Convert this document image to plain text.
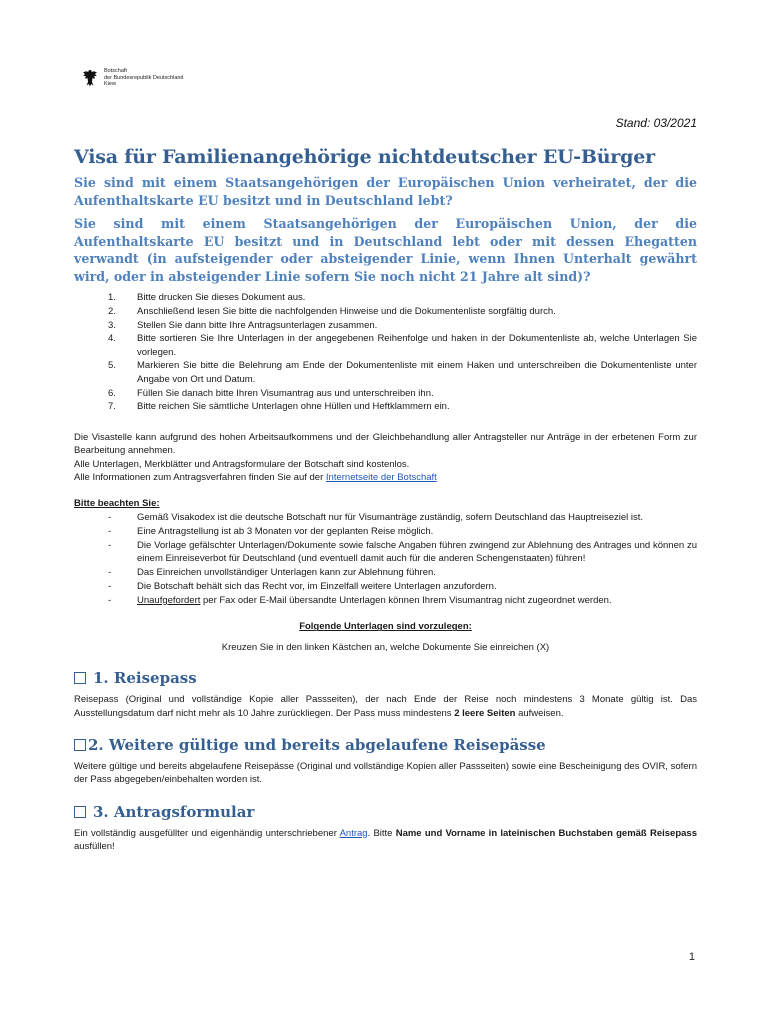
Botschaft
der Bundesrepublik Deutschland
Kiew
Stand: 03/2021
Visa für Familienangehörige nichtdeutscher EU-Bürger

Sie sind mit einem Staatsangehörigen der Europäischen Union verheiratet, der die Aufenthaltskarte EU besitzt und in Deutschland lebt?

Sie sind mit einem Staatsangehörigen der Europäischen Union, der die Aufenthaltskarte EU besitzt und in Deutschland lebt oder mit dessen Ehegatten verwandt (in aufsteigender oder absteigender Linie, wenn Ihnen Unterhalt gewährt wird, oder in absteigender Linie sofern Sie noch nicht 21 Jahre alt sind)?

1.	Bitte drucken Sie dieses Dokument aus.
2.	Anschließend lesen Sie bitte die nachfolgenden Hinweise und die Dokumentenliste sorgfältig durch.
3.	Stellen Sie dann bitte Ihre Antragsunterlagen zusammen.
4.	Bitte sortieren Sie Ihre Unterlagen in der angegebenen Reihenfolge und haken in der Dokumentenliste ab, welche Unterlagen Sie vorlegen.
5.	Markieren Sie bitte die Belehrung am Ende der Dokumentenliste mit einem Haken und unterschreiben die Dokumentenliste unter Angabe von Ort und Datum.
6.	Füllen Sie danach bitte Ihren Visumantrag aus und unterschreiben ihn.
7.	Bitte reichen Sie sämtliche Unterlagen ohne Hüllen und Heftklammern ein.

Die Visastelle kann aufgrund des hohen Arbeitsaufkommens und der Gleichbehandlung aller Antragsteller nur Anträge in der erbetenen Form zur Bearbeitung annehmen.

Alle Unterlagen, Merkblätter und Antragsformulare der Botschaft sind kostenlos.

Alle Informationen zum Antragsverfahren finden Sie auf der Internetseite der Botschaft

Bitte beachten Sie:

-	Gemäß Visakodex ist die deutsche Botschaft nur für Visumanträge zuständig, sofern Deutschland das Hauptreiseziel ist.
-	Eine Antragstellung ist ab 3 Monaten vor der geplanten Reise möglich.
-	Die Vorlage gefälschter Unterlagen/Dokumente sowie falsche Angaben führen zwingend zur Ablehnung des Antrages und können zu einem Einreiseverbot für Deutschland (und eventuell damit auch für die anderen Schengenstaaten) führen!
-	Das Einreichen unvollständiger Unterlagen kann zur Ablehnung führen.
-	Die Botschaft behält sich das Recht vor, im Einzelfall weitere Unterlagen anzufordern.
-	Unaufgefordert per Fax oder E-Mail übersandte Unterlagen können Ihrem Visumantrag nicht zugeordnet werden.

Folgende Unterlagen sind vorzulegen:

Kreuzen Sie in den linken Kästchen an, welche Dokumente Sie einreichen (X)

1. Reisepass

Reisepass (Original und vollständige Kopie aller Passseiten), der nach Ende der Reise noch mindestens 3 Monate gültig ist. Das Ausstellungsdatum darf nicht mehr als 10 Jahre zurückliegen. Der Pass muss mindestens 2 leere Seiten aufweisen.

2. Weitere gültige und bereits abgelaufene Reisepässe

Weitere gültige und bereits abgelaufene Reisepässe (Original und vollständige Kopien aller Passseiten) sowie eine Bescheinigung des OVIR, sofern der Pass abgegeben/einbehalten worden ist.

3. Antragsformular

Ein vollständig ausgefüllter und eigenhändig unterschriebener Antrag. Bitte Name und Vorname in lateinischen Buchstaben gemäß Reisepass ausfüllen!

1
